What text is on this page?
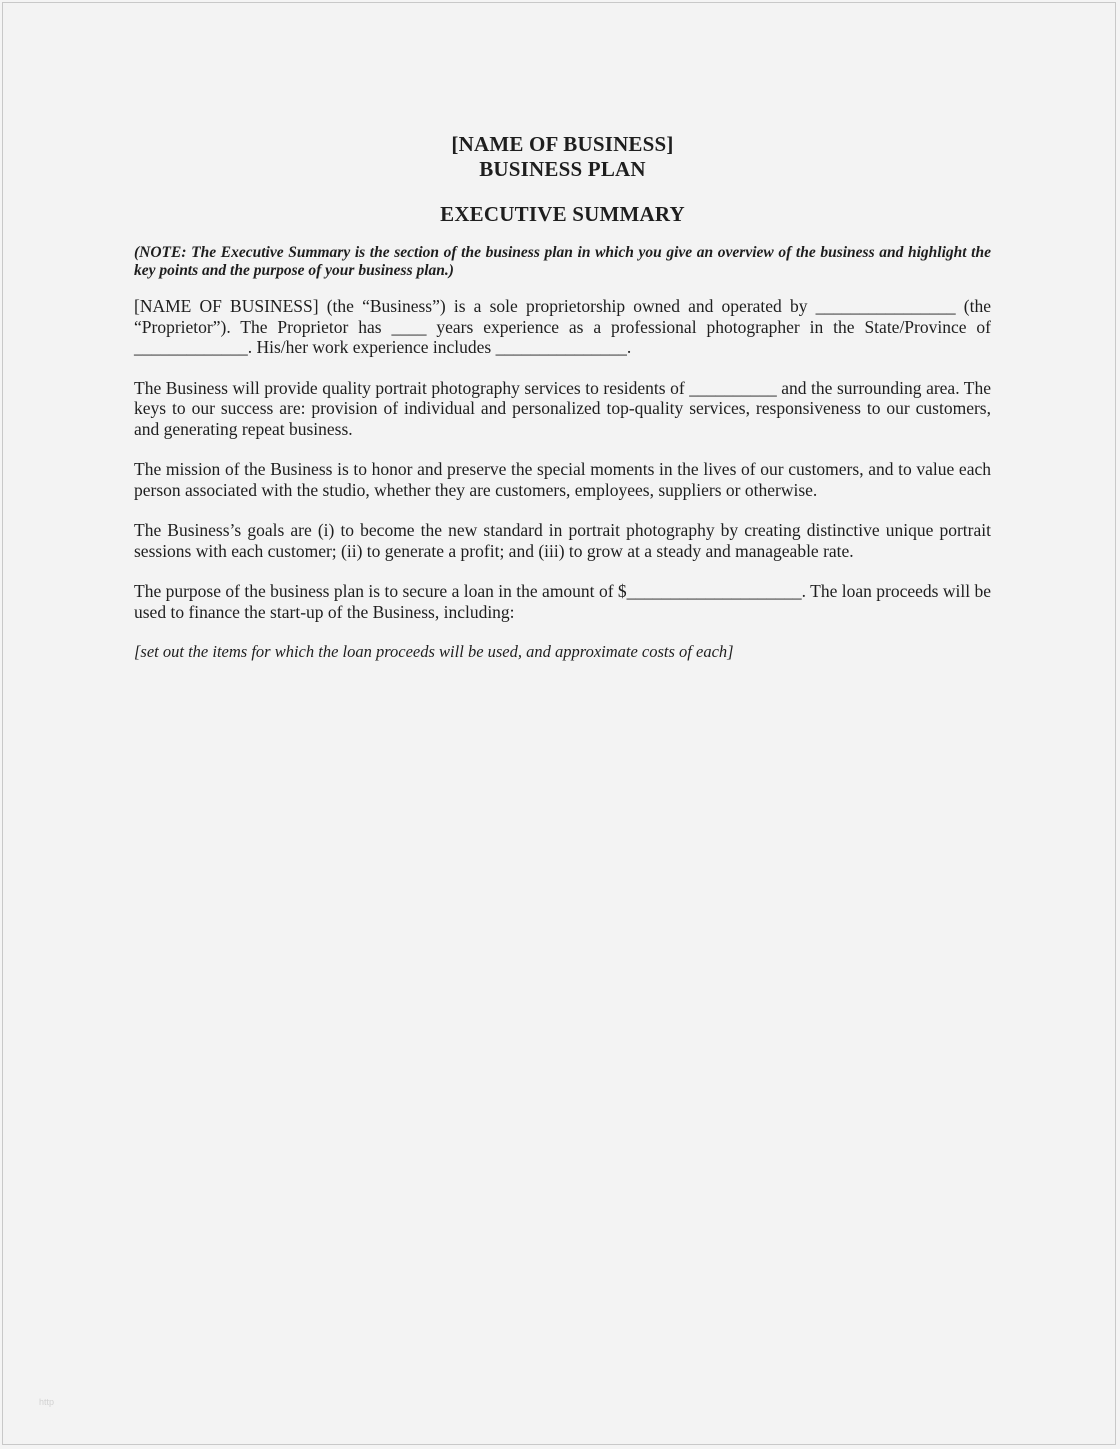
[NAME OF BUSINESS]
BUSINESS PLAN
EXECUTIVE SUMMARY
(NOTE: The Executive Summary is the section of the business plan in which you give an overview of the business and highlight the key points and the purpose of your business plan.)
[NAME OF BUSINESS] (the “Business”) is a sole proprietorship owned and operated by ________________ (the “Proprietor”). The Proprietor has ____ years experience as a professional photographer in the State/Province of _____________. His/her work experience includes _______________.
The Business will provide quality portrait photography services to residents of __________ and the surrounding area. The keys to our success are: provision of individual and personalized top-quality services, responsiveness to our customers, and generating repeat business.
The mission of the Business is to honor and preserve the special moments in the lives of our customers, and to value each person associated with the studio, whether they are customers, employees, suppliers or otherwise.
The Business’s goals are (i) to become the new standard in portrait photography by creating distinctive unique portrait sessions with each customer; (ii) to generate a profit; and (iii) to grow at a steady and manageable rate.
The purpose of the business plan is to secure a loan in the amount of $____________________. The loan proceeds will be used to finance the start-up of the Business, including:
[set out the items for which the loan proceeds will be used, and approximate costs of each]
http
